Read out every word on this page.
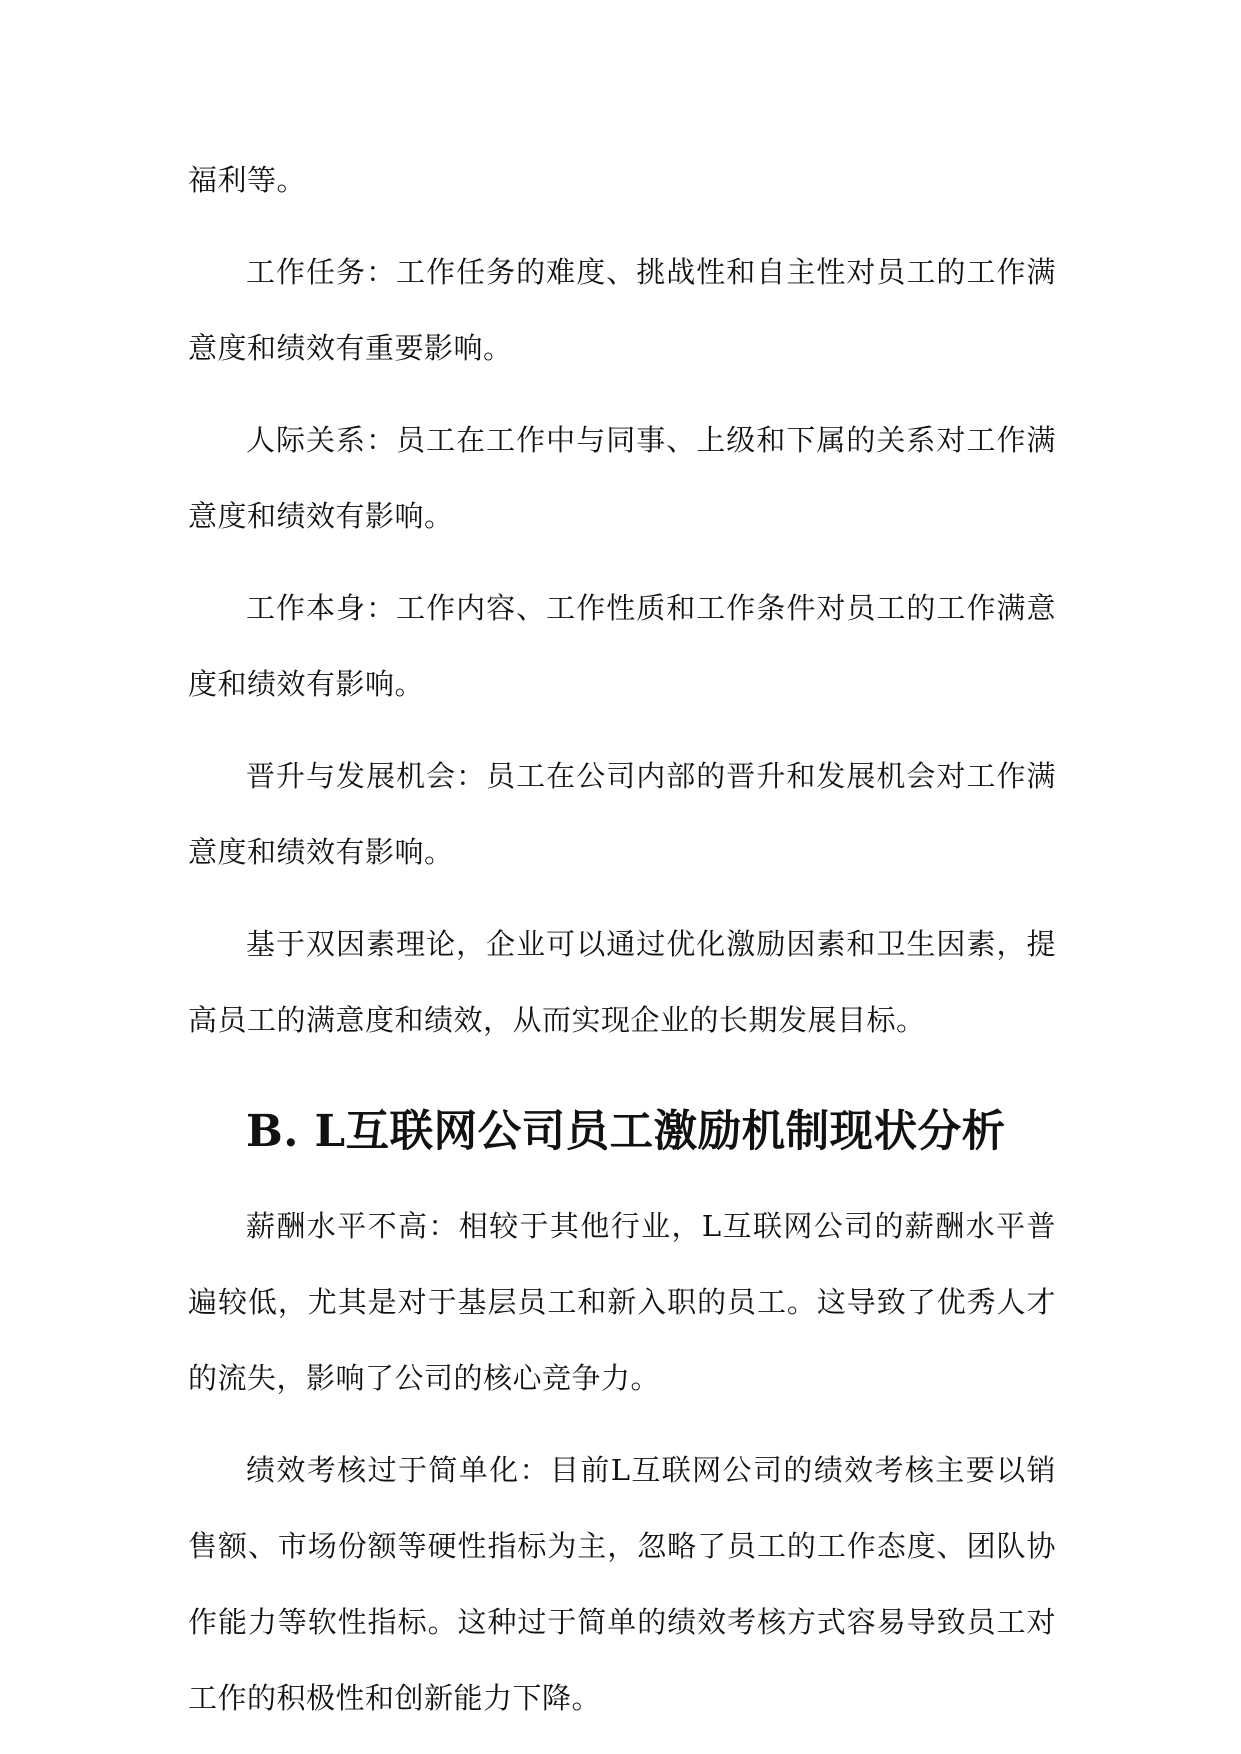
福利等。

工作任务：工作任务的难度、挑战性和自主性对员工的工作满意度和绩效有重要影响。

人际关系：员工在工作中与同事、上级和下属的关系对工作满意度和绩效有影响。

工作本身：工作内容、工作性质和工作条件对员工的工作满意度和绩效有影响。

晋升与发展机会：员工在公司内部的晋升和发展机会对工作满意度和绩效有影响。

基于双因素理论，企业可以通过优化激励因素和卫生因素，提高员工的满意度和绩效，从而实现企业的长期发展目标。

B. L互联网公司员工激励机制现状分析

薪酬水平不高：相较于其他行业，L互联网公司的薪酬水平普遍较低，尤其是对于基层员工和新入职的员工。这导致了优秀人才的流失，影响了公司的核心竞争力。

绩效考核过于简单化：目前L互联网公司的绩效考核主要以销售额、市场份额等硬性指标为主，忽略了员工的工作态度、团队协作能力等软性指标。这种过于简单的绩效考核方式容易导致员工对工作的积极性和创新能力下降。
